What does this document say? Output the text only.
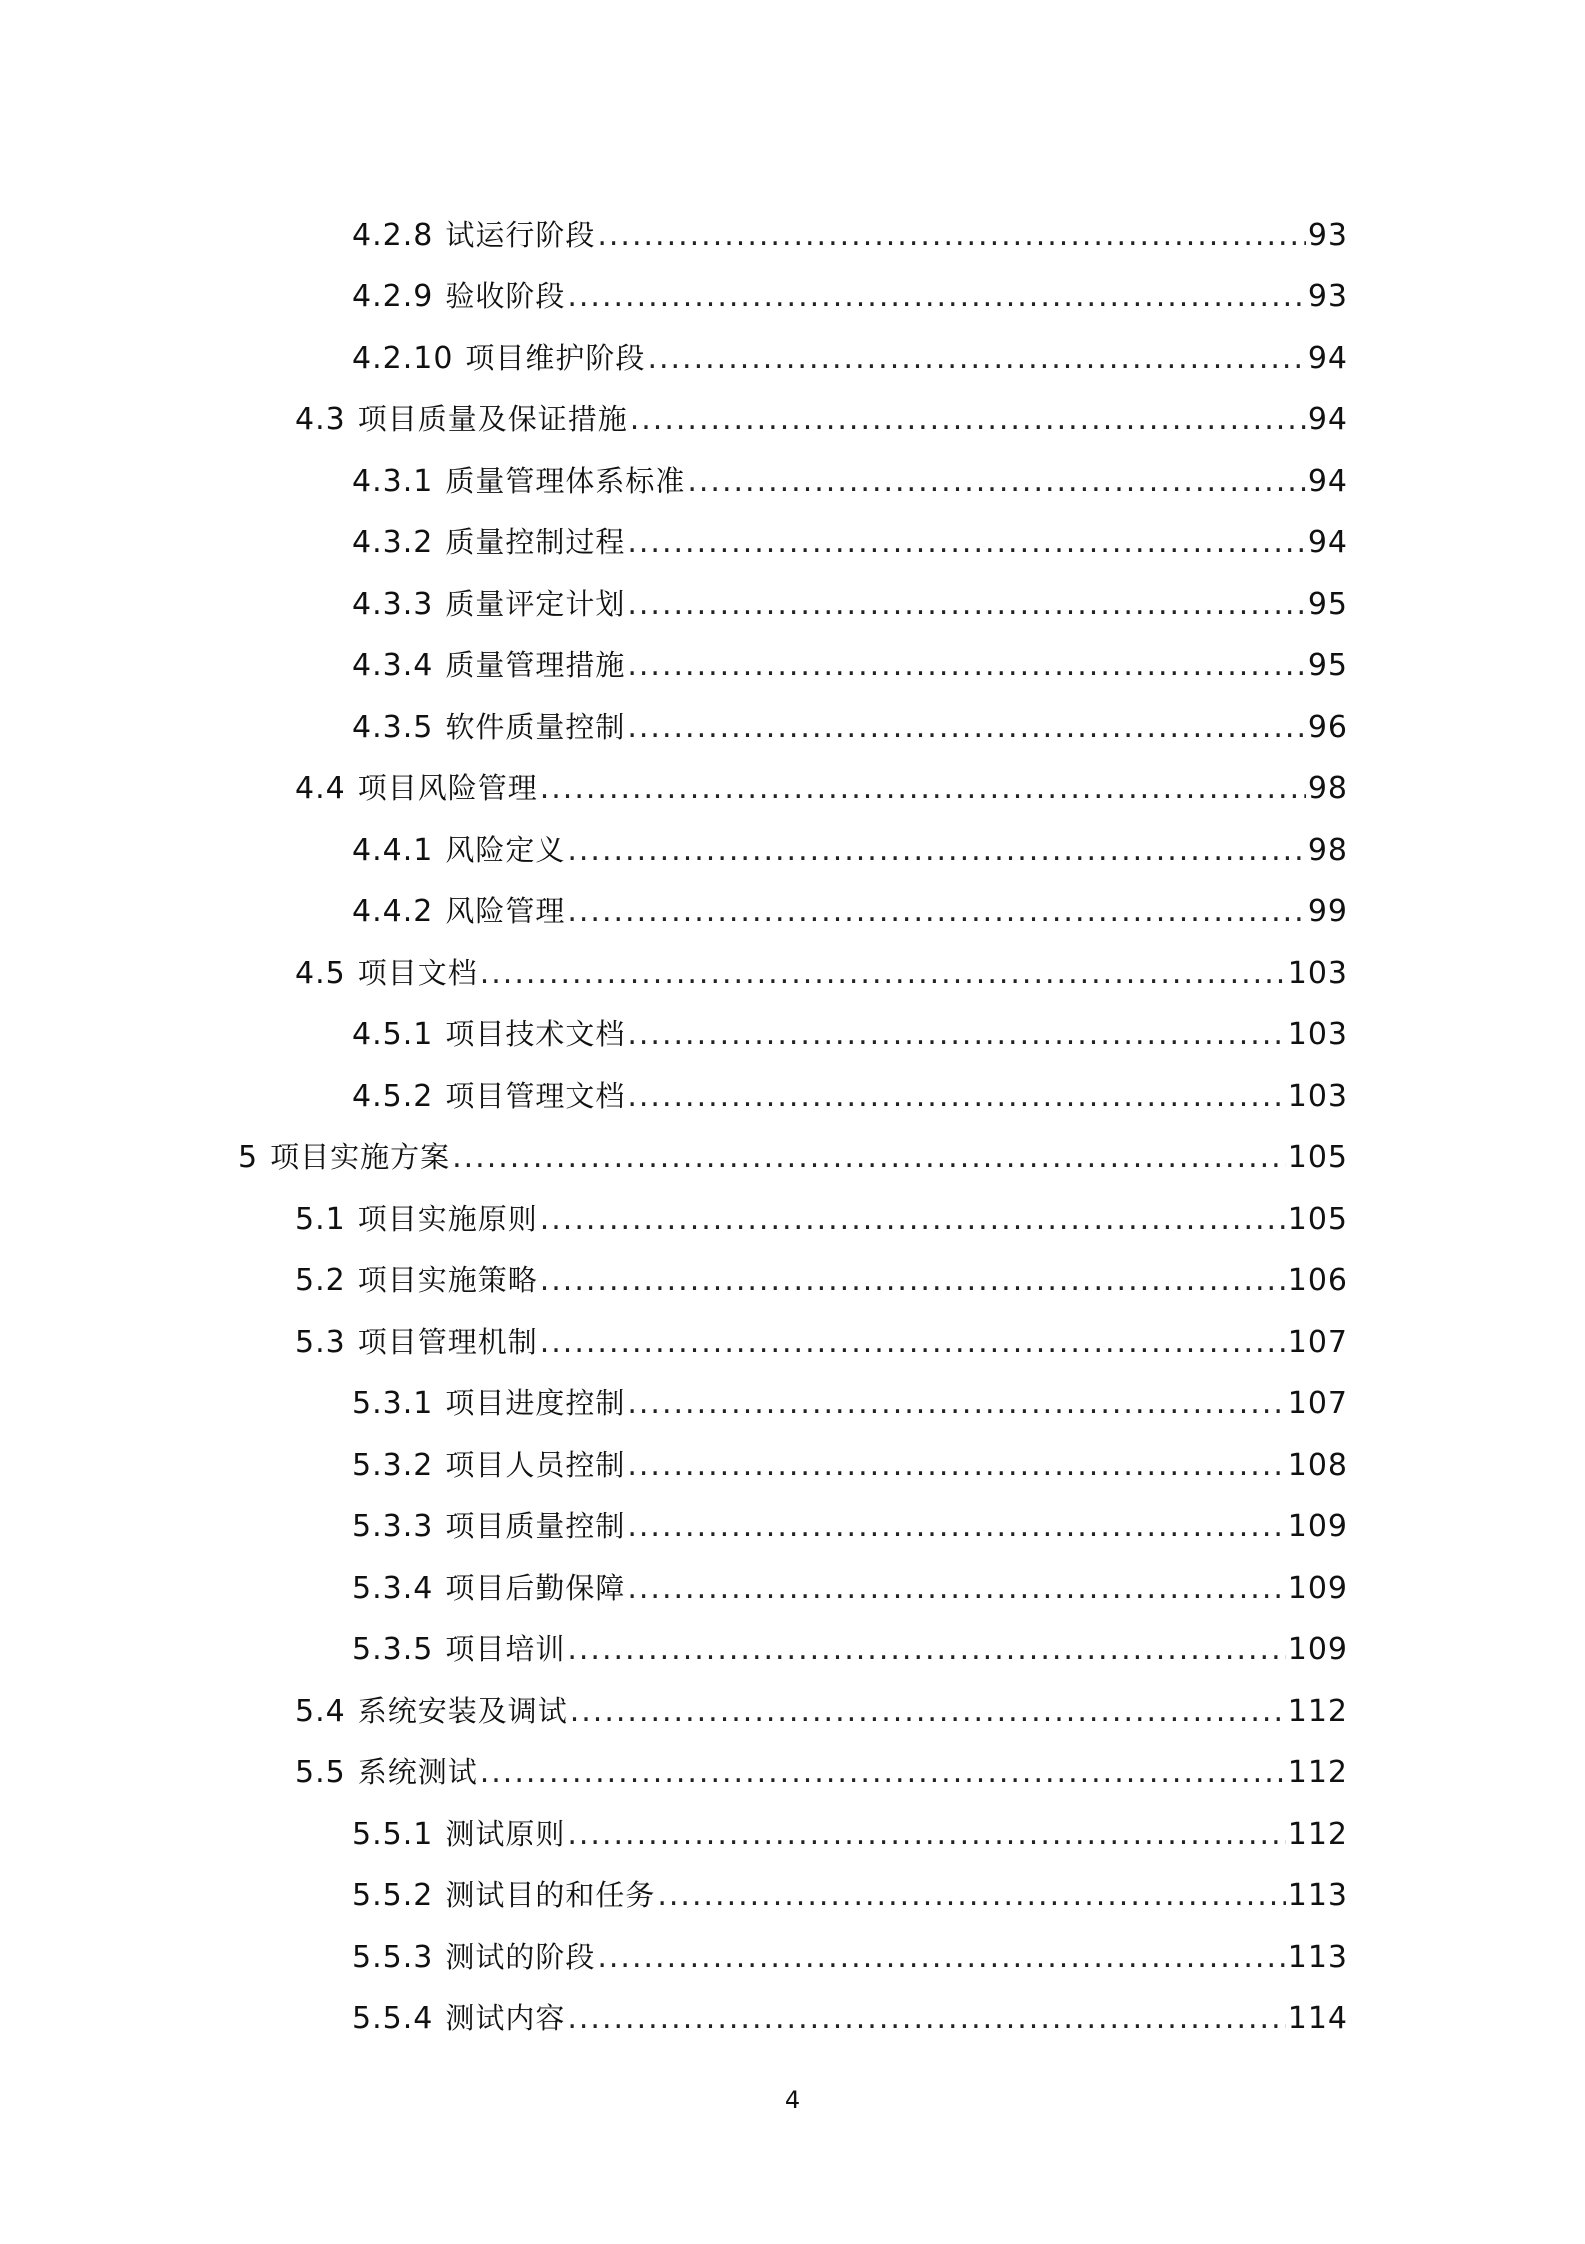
4.2.8 试运行阶段 .....	93
4.2.9 验收阶段 .....	93
4.2.10 项目维护阶段 .....	94
4.3 项目质量及保证措施 .....	94
4.3.1 质量管理体系标准 .....	94
4.3.2 质量控制过程 .....	94
4.3.3 质量评定计划 .....	95
4.3.4 质量管理措施 .....	95
4.3.5 软件质量控制 .....	96
4.4 项目风险管理 .....	98
4.4.1 风险定义 .....	98
4.4.2 风险管理 .....	99
4.5 项目文档 .....	103
4.5.1 项目技术文档 .....	103
4.5.2 项目管理文档 .....	103
5 项目实施方案 .....	105
5.1 项目实施原则 .....	105
5.2 项目实施策略 .....	106
5.3 项目管理机制 .....	107
5.3.1 项目进度控制 .....	107
5.3.2 项目人员控制 .....	108
5.3.3 项目质量控制 .....	109
5.3.4 项目后勤保障 .....	109
5.3.5 项目培训 .....	109
5.4 系统安装及调试 .....	112
5.5 系统测试 .....	112
5.5.1 测试原则 .....	112
5.5.2 测试目的和任务 .....	113
5.5.3 测试的阶段 .....	113
5.5.4 测试内容 .....	114
4
